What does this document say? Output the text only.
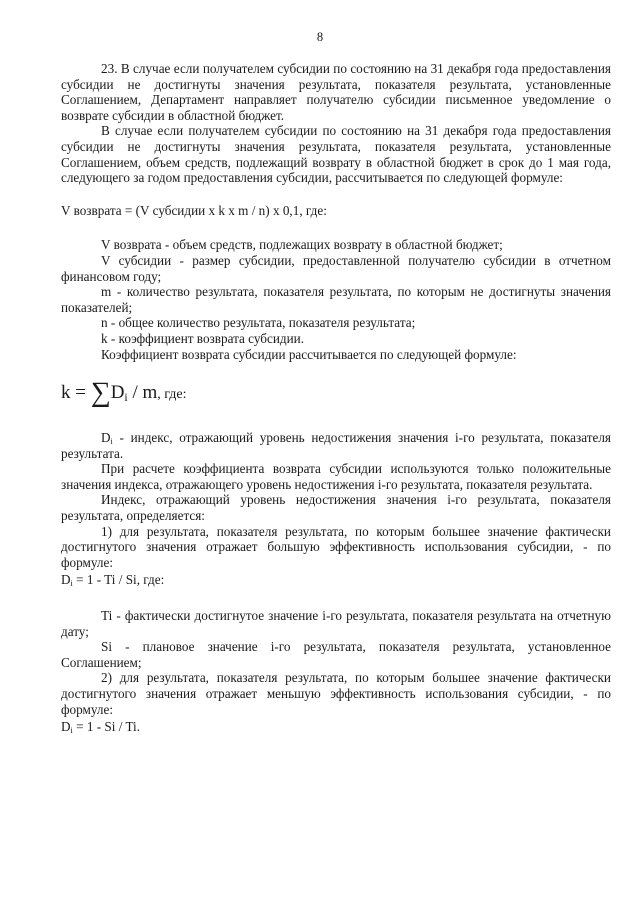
8

23. В случае если получателем субсидии по состоянию на 31 декабря года предоставления субсидии не достигнуты значения результата, показателя результата, установленные Соглашением, Департамент направляет получателю субсидии письменное уведомление о возврате субсидии в областной бюджет.

В случае если получателем субсидии по состоянию на 31 декабря года предоставления субсидии не достигнуты значения результата, показателя результата, установленные Соглашением, объем средств, подлежащий возврату в областной бюджет в срок до 1 мая года, следующего за годом предоставления субсидии, рассчитывается по следующей формуле:

V возврата = (V субсидии х k х m / n) х 0,1, где:

V возврата - объем средств, подлежащих возврату в областной бюджет;

V субсидии - размер субсидии, предоставленной получателю субсидии в отчетном финансовом году;

m - количество результата, показателя результата, по которым не достигнуты значения показателей;

n - общее количество результата, показателя результата;

k - коэффициент возврата субсидии.

Коэффициент возврата субсидии рассчитывается по следующей формуле:

$k = \sum D_i / m$, где:

$D_i$ - индекс, отражающий уровень недостижения значения i-го результата, показателя результата.

При расчете коэффициента возврата субсидии используются только положительные значения индекса, отражающего уровень недостижения i-го результата, показателя результата.

Индекс, отражающий уровень недостижения значения i-го результата, показателя результата, определяется:

1) для результата, показателя результата, по которым большее значение фактически достигнутого значения отражает большую эффективность использования субсидии, - по формуле:

$D_i = 1 - Ti / Si$, где:

Ti - фактически достигнутое значение i-го результата, показателя результата на отчетную дату;

Si - плановое значение i-го результата, показателя результата, установленное Соглашением;

2) для результата, показателя результата, по которым большее значение фактически достигнутого значения отражает меньшую эффективность использования субсидии, - по формуле:

$D_i = 1 - Si / Ti$.
